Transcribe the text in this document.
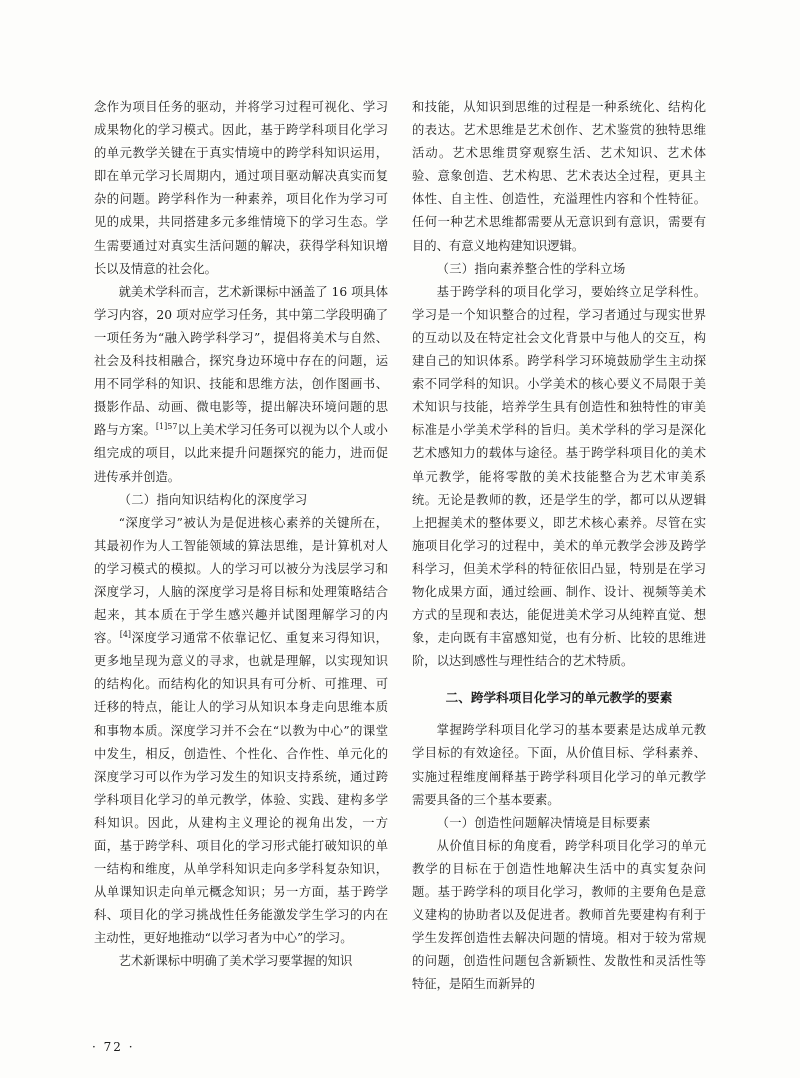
念作为项目任务的驱动，并将学习过程可视化、学习成果物化的学习模式。因此，基于跨学科项目化学习的单元教学关键在于真实情境中的跨学科知识运用，即在单元学习长周期内，通过项目驱动解决真实而复杂的问题。跨学科作为一种素养，项目化作为学习可见的成果，共同搭建多元多维情境下的学习生态。学生需要通过对真实生活问题的解决，获得学科知识增长以及情意的社会化。

就美术学科而言，艺术新课标中涵盖了 16 项具体学习内容，20 项对应学习任务，其中第二学段明确了一项任务为“融入跨学科学习”，提倡将美术与自然、社会及科技相融合，探究身边环境中存在的问题，运用不同学科的知识、技能和思维方法，创作图画书、摄影作品、动画、微电影等，提出解决环境问题的思路与方案。$^{[1]57}$以上美术学习任务可以视为以个人或小组完成的项目，以此来提升问题探究的能力，进而促进传承并创造。

（二）指向知识结构化的深度学习

“深度学习”被认为是促进核心素养的关键所在，其最初作为人工智能领域的算法思维，是计算机对人的学习模式的模拟。人的学习可以被分为浅层学习和深度学习，人脑的深度学习是将目标和处理策略结合起来，其本质在于学生感兴趣并试图理解学习的内容。[4]深度学习通常不依靠记忆、重复来习得知识，更多地呈现为意义的寻求，也就是理解，以实现知识的结构化。而结构化的知识具有可分析、可推理、可迁移的特点，能让人的学习从知识本身走向思维本质和事物本质。深度学习并不会在“以教为中心”的课堂中发生，相反，创造性、个性化、合作性、单元化的深度学习可以作为学习发生的知识支持系统，通过跨学科项目化学习的单元教学，体验、实践、建构多学科知识。因此，从建构主义理论的视角出发，一方面，基于跨学科、项目化的学习形式能打破知识的单一结构和维度，从单学科知识走向多学科复杂知识，从单课知识走向单元概念知识；另一方面，基于跨学科、项目化的学习挑战性任务能激发学生学习的内在主动性，更好地推动“以学习者为中心”的学习。

艺术新课标中明确了美术学习要掌握的知识

和技能，从知识到思维的过程是一种系统化、结构化的表达。艺术思维是艺术创作、艺术鉴赏的独特思维活动。艺术思维贯穿观察生活、艺术知识、艺术体验、意象创造、艺术构思、艺术表达全过程，更具主体性、自主性、创造性，充溢理性内容和个性特征。任何一种艺术思维都需要从无意识到有意识，需要有目的、有意义地构建知识逻辑。

（三）指向素养整合性的学科立场

基于跨学科的项目化学习，要始终立足学科性。学习是一个知识整合的过程，学习者通过与现实世界的互动以及在特定社会文化背景中与他人的交互，构建自己的知识体系。跨学科学习环境鼓励学生主动探索不同学科的知识。小学美术的核心要义不局限于美术知识与技能，培养学生具有创造性和独特性的审美标准是小学美术学科的旨归。美术学科的学习是深化艺术感知力的载体与途径。基于跨学科项目化的美术单元教学，能将零散的美术技能整合为艺术审美系统。无论是教师的教，还是学生的学，都可以从逻辑上把握美术的整体要义，即艺术核心素养。尽管在实施项目化学习的过程中，美术的单元教学会涉及跨学科学习，但美术学科的特征依旧凸显，特别是在学习物化成果方面，通过绘画、制作、设计、视频等美术方式的呈现和表达，能促进美术学习从纯粹直觉、想象，走向既有丰富感知觉，也有分析、比较的思维进阶，以达到感性与理性结合的艺术特质。

二、跨学科项目化学习的单元教学的要素

掌握跨学科项目化学习的基本要素是达成单元教学目标的有效途径。下面，从价值目标、学科素养、实施过程维度阐释基于跨学科项目化学习的单元教学需要具备的三个基本要素。

（一）创造性问题解决情境是目标要素

从价值目标的角度看，跨学科项目化学习的单元教学的目标在于创造性地解决生活中的真实复杂问题。基于跨学科的项目化学习，教师的主要角色是意义建构的协助者以及促进者。教师首先要建构有利于学生发挥创造性去解决问题的情境。相对于较为常规的问题，创造性问题包含新颖性、发散性和灵活性等特征，是陌生而新异的

· 72 ·
